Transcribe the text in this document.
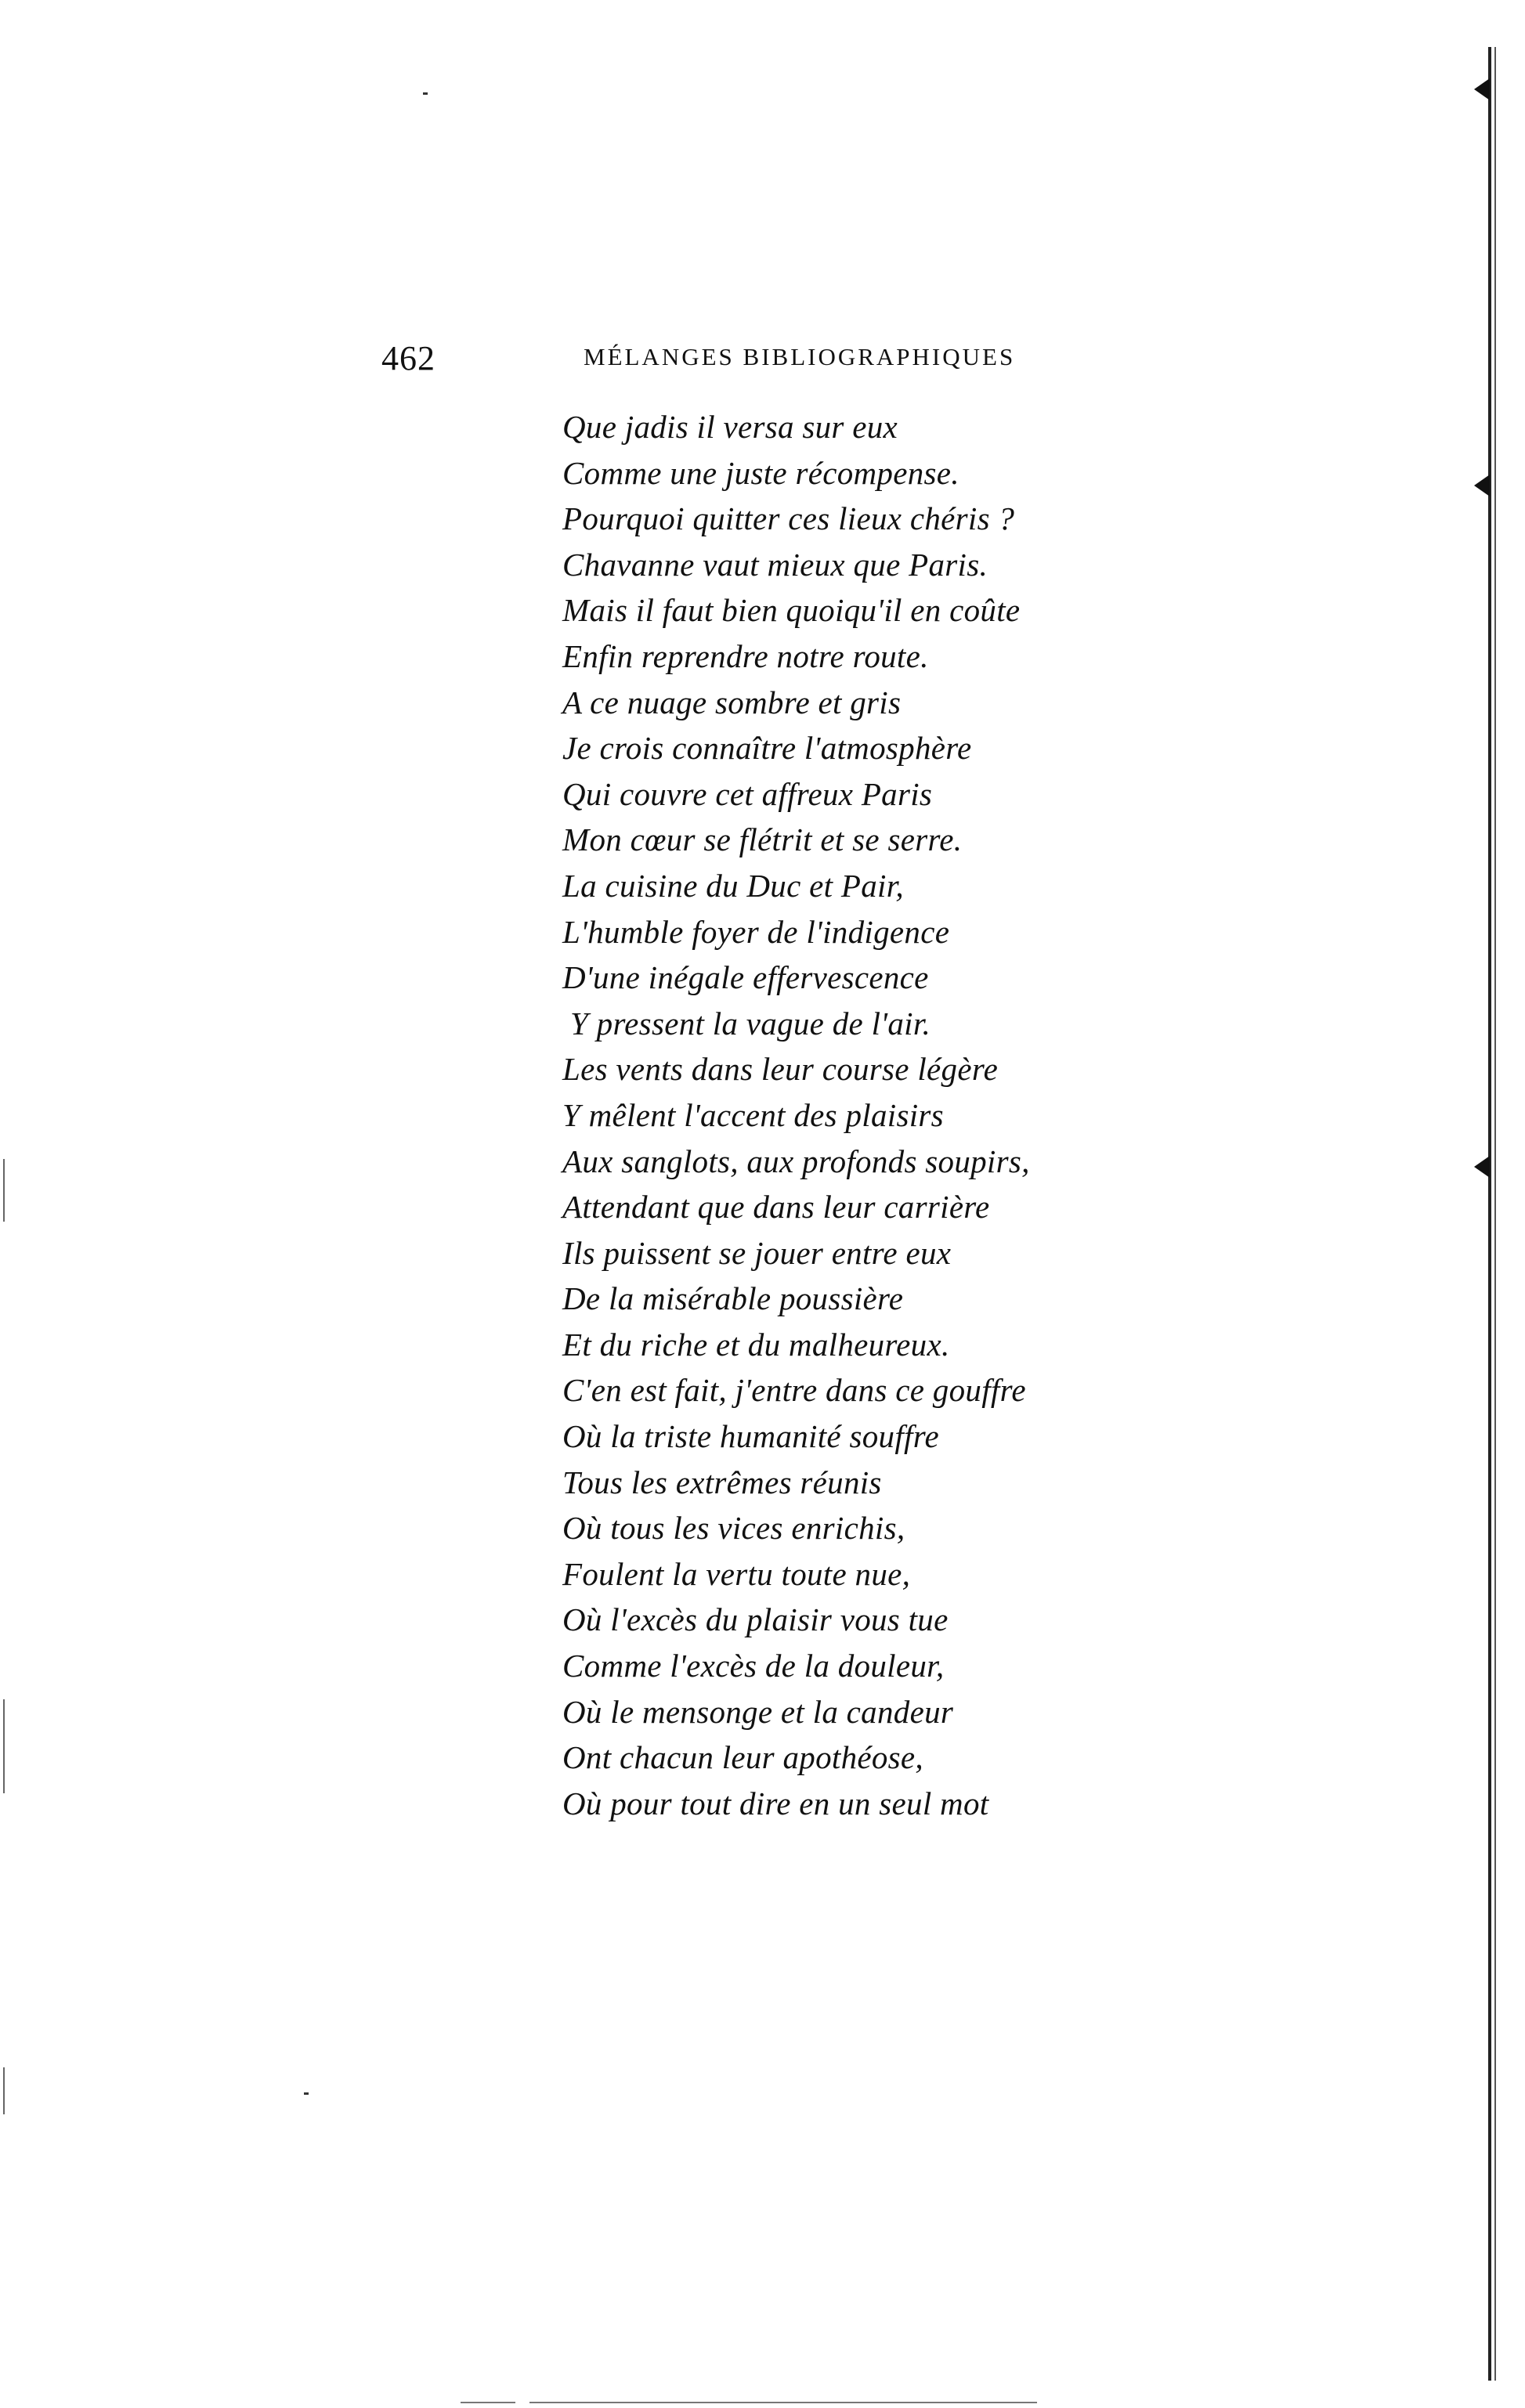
462	MÉLANGES BIBLIOGRAPHIQUES
Que jadis il versa sur eux
Comme une juste récompense.
Pourquoi quitter ces lieux chéris ?
Chavanne vaut mieux que Paris.
Mais il faut bien quoiqu'il en coûte
Enfin reprendre notre route.
A ce nuage sombre et gris
Je crois connaître l'atmosphère
Qui couvre cet affreux Paris
Mon cœur se flétrit et se serre.
La cuisine du Duc et Pair,
L'humble foyer de l'indigence
D'une inégale effervescence
Y pressent la vague de l'air.
Les vents dans leur course légère
Y mêlent l'accent des plaisirs
Aux sanglots, aux profonds soupirs,
Attendant que dans leur carrière
Ils puissent se jouer entre eux
De la misérable poussière
Et du riche et du malheureux.
C'en est fait, j'entre dans ce gouffre
Où la triste humanité souffre
Tous les extrêmes réunis
Où tous les vices enrichis,
Foulent la vertu toute nue,
Où l'excès du plaisir vous tue
Comme l'excès de la douleur,
Où le mensonge et la candeur
Ont chacun leur apothéose,
Où pour tout dire en un seul mot
